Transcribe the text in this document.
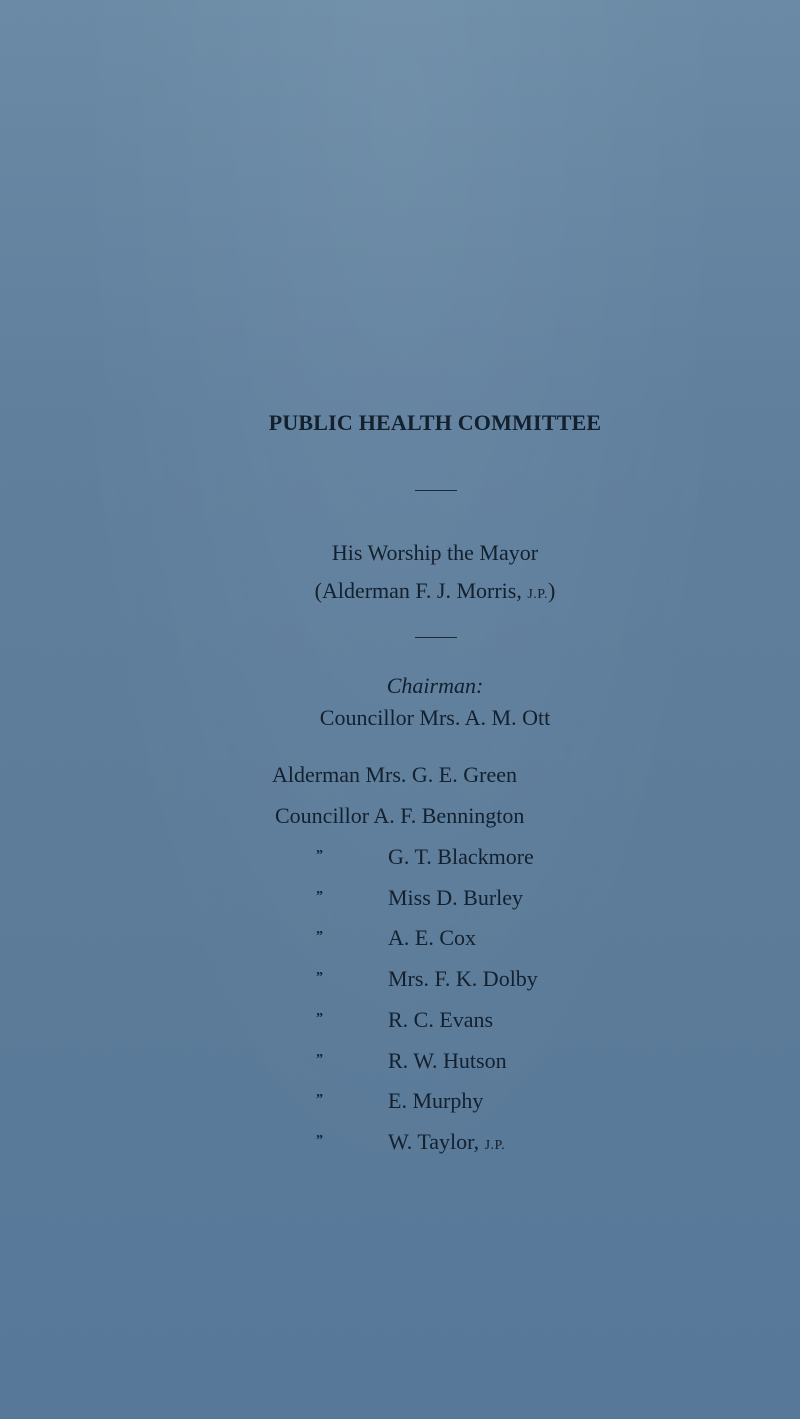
PUBLIC HEALTH COMMITTEE
His Worship the Mayor
(Alderman F. J. Morris, J.P.)
Chairman:
Councillor Mrs. A. M. Ott
Alderman Mrs. G. E. Green
Councillor A. F. Bennington
”	G. T. Blackmore
”	Miss D. Burley
”	A. E. Cox
”	Mrs. F. K. Dolby
”	R. C. Evans
”	R. W. Hutson
”	E. Murphy
”	W. Taylor, J.P.
